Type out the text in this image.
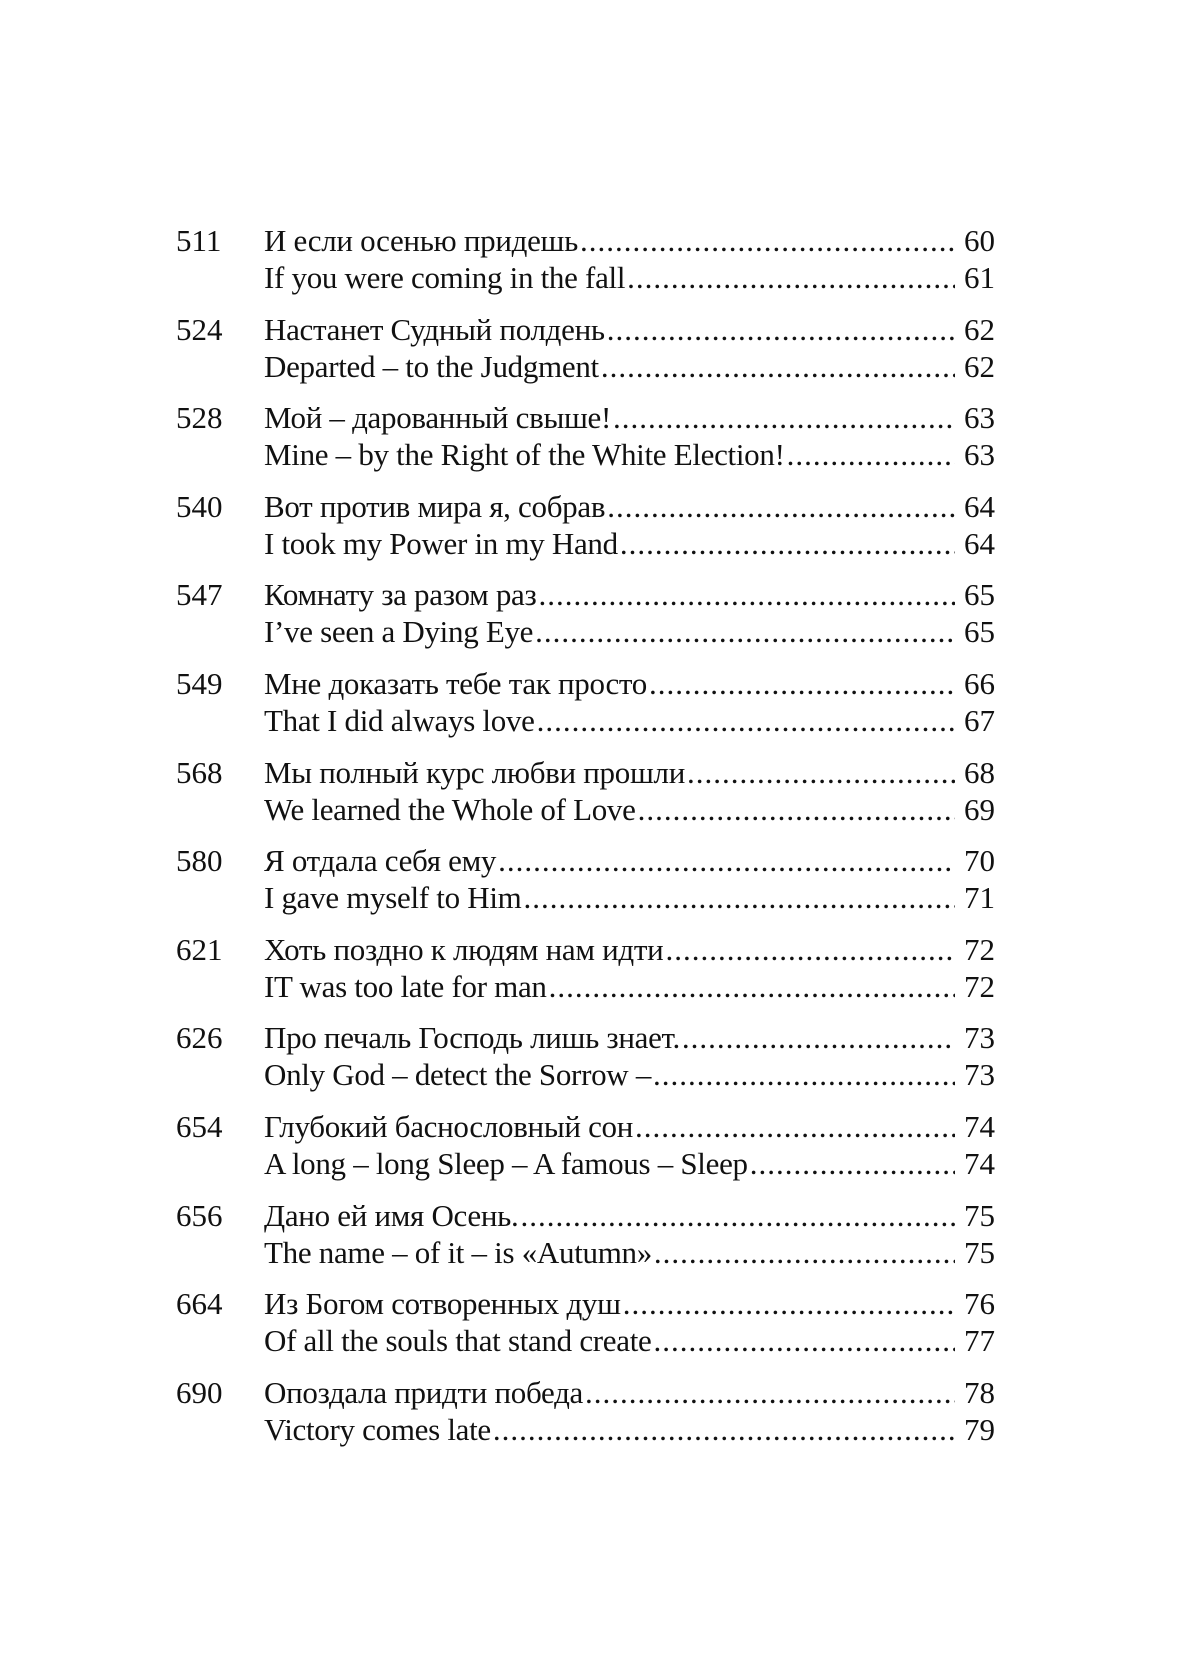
511	И если осенью придешь .....	60
If you were coming in the fall .....	61
524	Настанет Судный полдень .....	62
Departed – to the Judgment .....	62
528	Мой – дарованный свыше! .....	63
Mine – by the Right of the White Election! .....	63
540	Вот против мира я, собрав .....	64
I took my Power in my Hand .....	64
547	Комнату за разом раз .....	65
I’ve seen a Dying Eye .....	65
549	Мне доказать тебе так просто .....	66
That I did always love .....	67
568	Мы полный курс любви прошли .....	68
We learned the Whole of Love .....	69
580	Я отдала себя ему .....	70
I gave myself to Him .....	71
621	Хоть поздно к людям нам идти .....	72
IT was too late for man .....	72
626	Про печаль Господь лишь знает. .....	73
Only God – detect the Sorrow – .....	73
654	Глубокий баснословный сон .....	74
A long – long Sleep – A famous – Sleep .....	74
656	Дано ей имя Осень. .....	75
The name – of it – is «Autumn» .....	75
664	Из Богом сотворенных душ .....	76
Of all the souls that stand create .....	77
690	Опоздала придти победа .....	78
Victory comes late .....	79
